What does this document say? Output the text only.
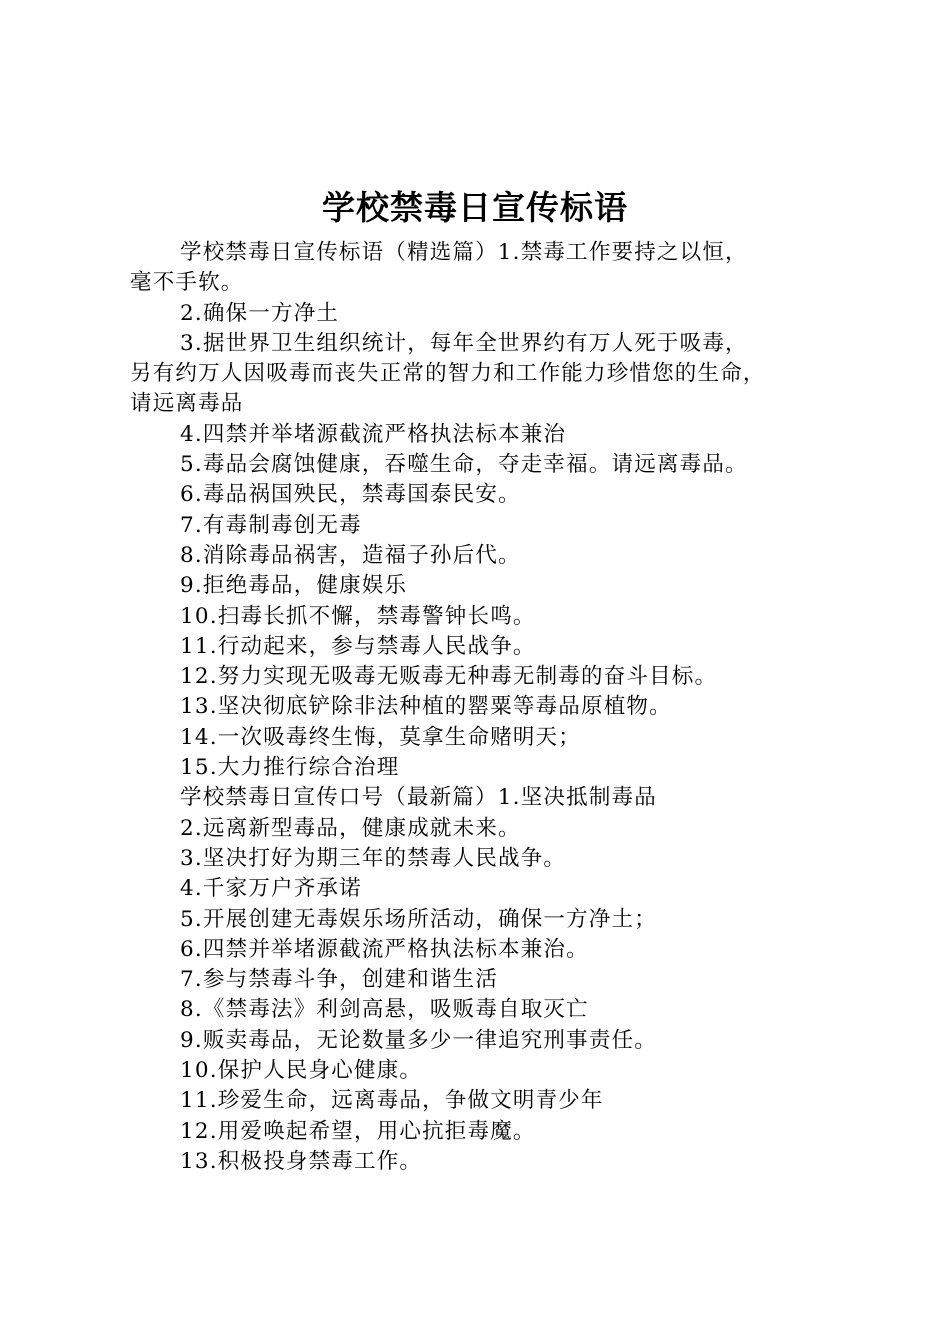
学校禁毒日宣传标语
学校禁毒日宣传标语（精选篇）1.禁毒工作要持之以恒，
毫不手软。
2.确保一方净土
3.据世界卫生组织统计，每年全世界约有万人死于吸毒，
另有约万人因吸毒而丧失正常的智力和工作能力珍惜您的生命，
请远离毒品
4.四禁并举堵源截流严格执法标本兼治
5.毒品会腐蚀健康，吞噬生命，夺走幸福。请远离毒品。
6.毒品祸国殃民，禁毒国泰民安。
7.有毒制毒创无毒
8.消除毒品祸害，造福子孙后代。
9.拒绝毒品，健康娱乐
10.扫毒长抓不懈，禁毒警钟长鸣。
11.行动起来，参与禁毒人民战争。
12.努力实现无吸毒无贩毒无种毒无制毒的奋斗目标。
13.坚决彻底铲除非法种植的罂粟等毒品原植物。
14.一次吸毒终生悔，莫拿生命赌明天；
15.大力推行综合治理
学校禁毒日宣传口号（最新篇）1.坚决抵制毒品
2.远离新型毒品，健康成就未来。
3.坚决打好为期三年的禁毒人民战争。
4.千家万户齐承诺
5.开展创建无毒娱乐场所活动，确保一方净土；
6.四禁并举堵源截流严格执法标本兼治。
7.参与禁毒斗争，创建和谐生活
8.《禁毒法》利剑高悬，吸贩毒自取灭亡
9.贩卖毒品，无论数量多少一律追究刑事责任。
10.保护人民身心健康。
11.珍爱生命，远离毒品，争做文明青少年
12.用爱唤起希望，用心抗拒毒魔。
13.积极投身禁毒工作。
